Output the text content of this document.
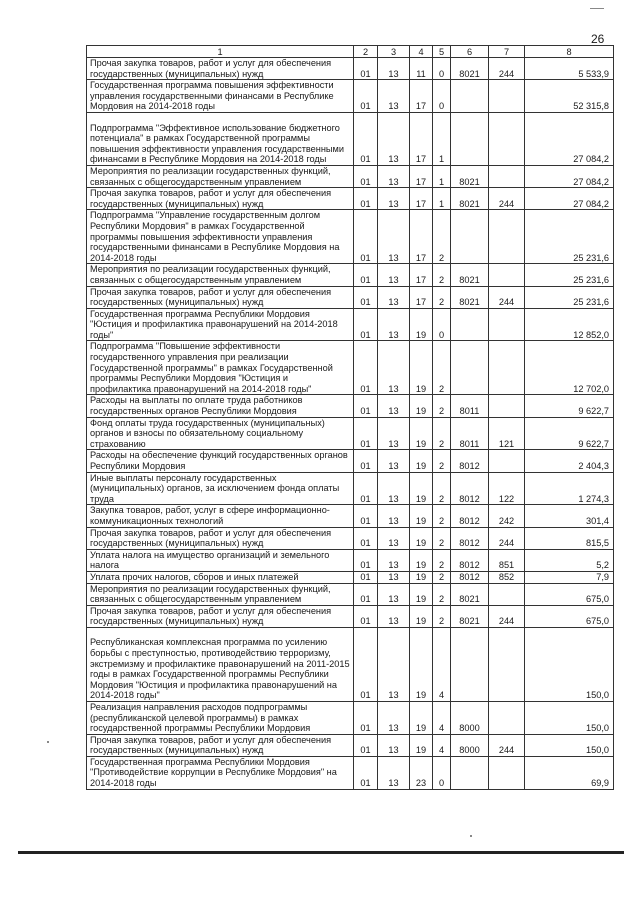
26
1	2	3	4	5	6	7	8
Прочая закупка товаров, работ и услуг для обеспечения государственных (муниципальных) нужд	01	13	11	0	8021	244	5 533,9
Государственная программа повышения эффективности управления государственными финансами в Республике Мордовия на 2014-2018 годы	01	13	17	0			52 315,8
Подпрограмма "Эффективное использование бюджетного потенциала" в рамках Государственной программы повышения эффективности управления государственными финансами в Республике Мордовия на 2014-2018 годы	01	13	17	1			27 084,2
Мероприятия по реализации государственных функций, связанных с общегосударственным управлением	01	13	17	1	8021		27 084,2
Прочая закупка товаров, работ и услуг для обеспечения государственных (муниципальных) нужд	01	13	17	1	8021	244	27 084,2
Подпрограмма "Управление государственным долгом Республики Мордовия" в рамках Государственной программы повышения эффективности управления государственными финансами в Республике Мордовия на 2014-2018 годы	01	13	17	2			25 231,6
Мероприятия по реализации государственных функций, связанных с общегосударственным управлением	01	13	17	2	8021		25 231,6
Прочая закупка товаров, работ и услуг для обеспечения государственных (муниципальных) нужд	01	13	17	2	8021	244	25 231,6
Государственная программа Республики Мордовия "Юстиция и профилактика правонарушений на 2014-2018 годы"	01	13	19	0			12 852,0
Подпрограмма "Повышение эффективности государственного управления при реализации Государственной программы" в рамках Государственной программы Республики Мордовия "Юстиция и профилактика правонарушений на 2014-2018 годы"	01	13	19	2			12 702,0
Расходы на выплаты по оплате труда работников государственных органов Республики Мордовия	01	13	19	2	8011		9 622,7
Фонд оплаты труда государственных (муниципальных) органов и взносы по обязательному социальному страхованию	01	13	19	2	8011	121	9 622,7
Расходы на обеспечение функций государственных органов Республики Мордовия	01	13	19	2	8012		2 404,3
Иные выплаты персоналу государственных (муниципальных) органов, за исключением фонда оплаты труда	01	13	19	2	8012	122	1 274,3
Закупка товаров, работ, услуг в сфере информационно-коммуникационных технологий	01	13	19	2	8012	242	301,4
Прочая закупка товаров, работ и услуг для обеспечения государственных (муниципальных) нужд	01	13	19	2	8012	244	815,5
Уплата налога на имущество организаций и земельного налога	01	13	19	2	8012	851	5,2
Уплата прочих налогов, сборов и иных платежей	01	13	19	2	8012	852	7,9
Мероприятия по реализации государственных функций, связанных с общегосударственным управлением	01	13	19	2	8021		675,0
Прочая закупка товаров, работ и услуг для обеспечения государственных (муниципальных) нужд	01	13	19	2	8021	244	675,0
Республиканская комплексная программа по усилению борьбы с преступностью, противодействию терроризму, экстремизму и профилактике правонарушений на 2011-2015 годы в рамках Государственной программы Республики Мордовия "Юстиция и профилактика правонарушений на 2014-2018 годы"	01	13	19	4			150,0
Реализация направления расходов подпрограммы (республиканской целевой программы) в рамках государственной программы Республики Мордовия	01	13	19	4	8000		150,0
Прочая закупка товаров, работ и услуг для обеспечения государственных (муниципальных) нужд	01	13	19	4	8000	244	150,0
Государственная программа Республики Мордовия "Противодействие коррупции в Республике Мордовия" на 2014-2018 годы	01	13	23	0			69,9
